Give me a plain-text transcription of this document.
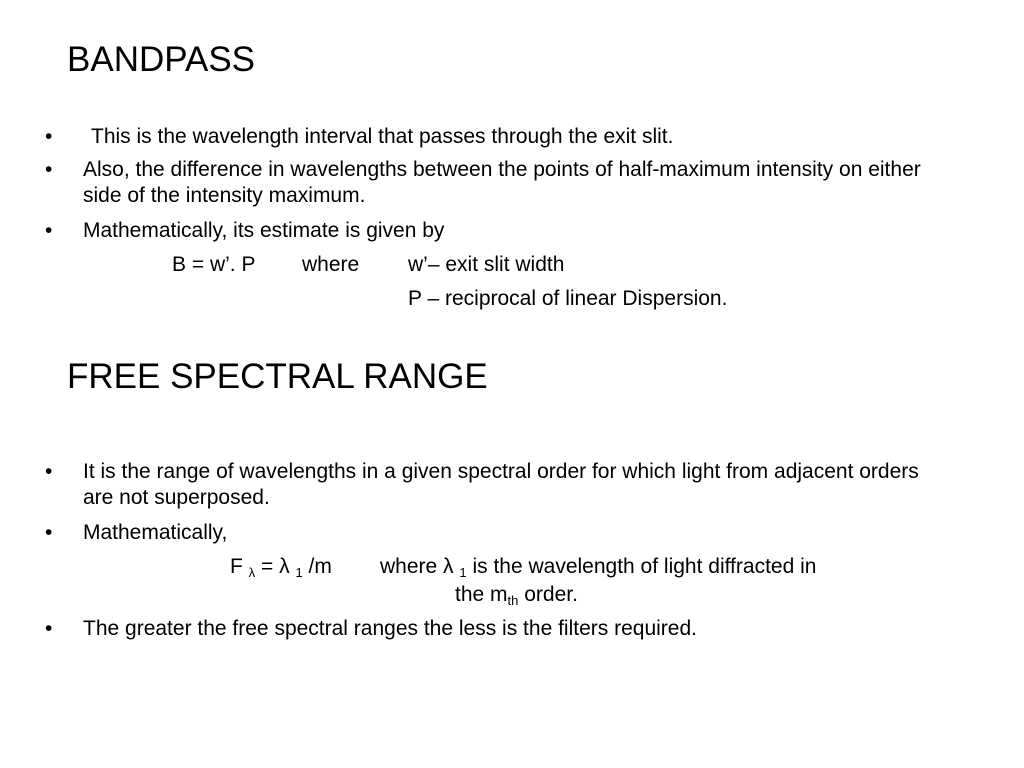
BANDPASS
• This is the wavelength interval that passes through the exit slit.
• Also, the difference in wavelengths between the points of half-maximum intensity on either side of the intensity maximum.
• Mathematically, its estimate is given by
B = w’. P where w’– exit slit width
P – reciprocal of linear Dispersion.
FREE SPECTRAL RANGE
• It is the range of wavelengths in a given spectral order for which light from adjacent orders are not superposed.
• Mathematically,
F $_\lambda$ = λ $_1$ /m where λ $_1$ is the wavelength of light diffracted in
the $m_{th}$ order.
• The greater the free spectral ranges the less is the filters required.
